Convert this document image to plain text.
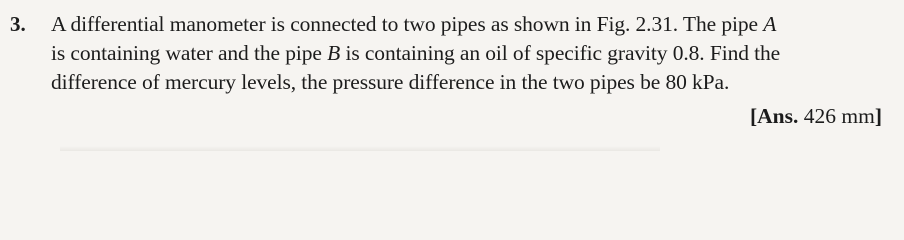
3. A differential manometer is connected to two pipes as shown in Fig. 2.31. The pipe A
is containing water and the pipe B is containing an oil of specific gravity 0.8. Find the
difference of mercury levels, the pressure difference in the two pipes be 80 kPa.
[Ans. 426 mm]
